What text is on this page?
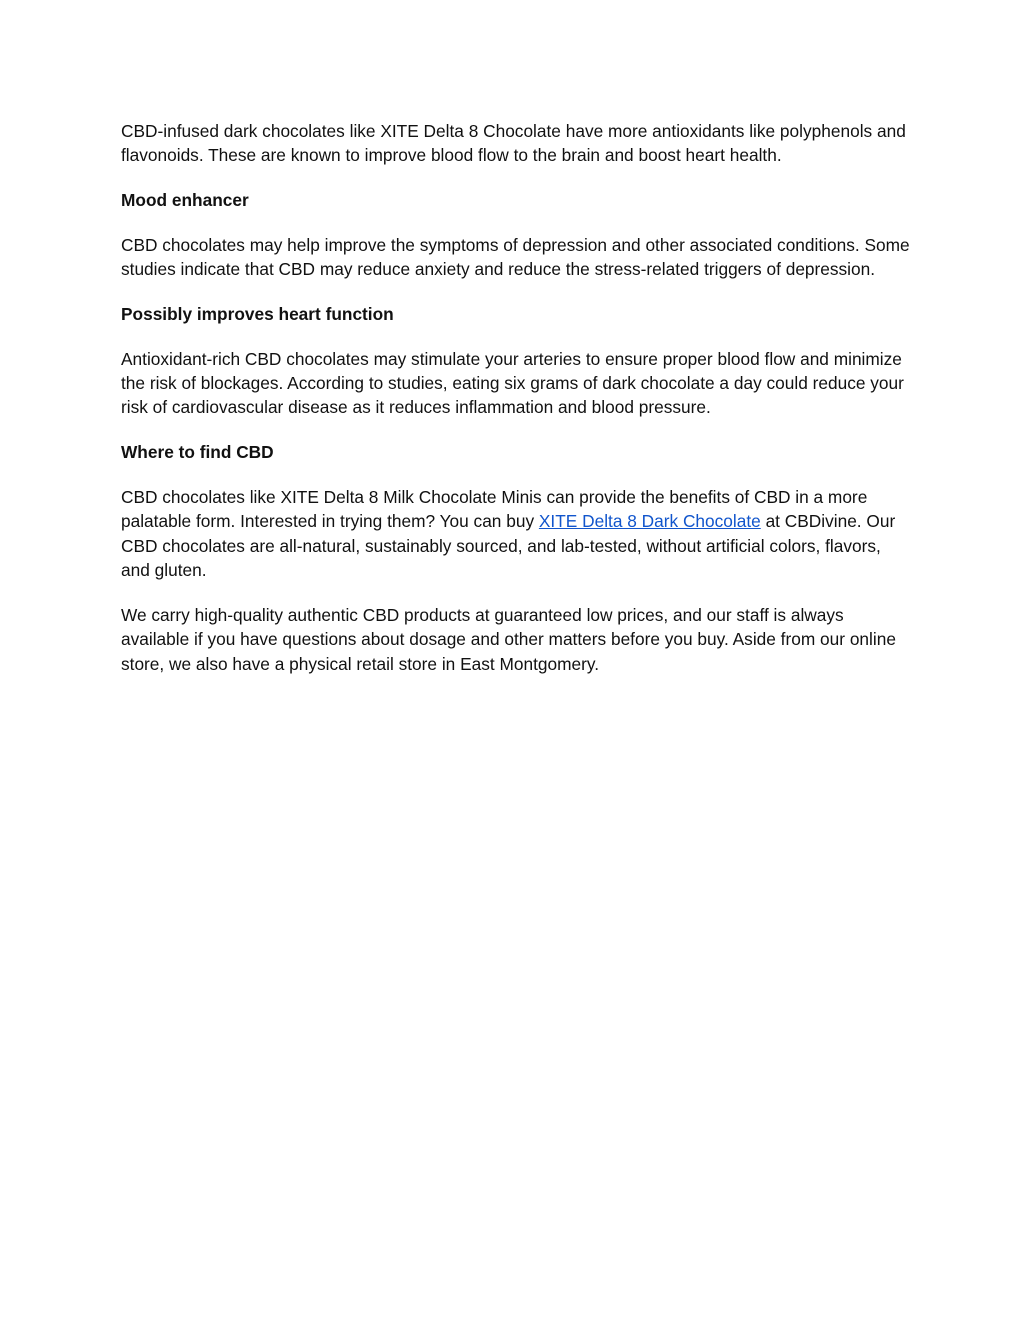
CBD-infused dark chocolates like XITE Delta 8 Chocolate have more antioxidants like polyphenols and flavonoids. These are known to improve blood flow to the brain and boost heart health.

Mood enhancer

CBD chocolates may help improve the symptoms of depression and other associated conditions. Some studies indicate that CBD may reduce anxiety and reduce the stress-related triggers of depression.

Possibly improves heart function

Antioxidant-rich CBD chocolates may stimulate your arteries to ensure proper blood flow and minimize the risk of blockages. According to studies, eating six grams of dark chocolate a day could reduce your risk of cardiovascular disease as it reduces inflammation and blood pressure.

Where to find CBD

CBD chocolates like XITE Delta 8 Milk Chocolate Minis can provide the benefits of CBD in a more palatable form. Interested in trying them? You can buy XITE Delta 8 Dark Chocolate at CBDivine. Our CBD chocolates are all-natural, sustainably sourced, and lab-tested, without artificial colors, flavors, and gluten.

We carry high-quality authentic CBD products at guaranteed low prices, and our staff is always available if you have questions about dosage and other matters before you buy. Aside from our online store, we also have a physical retail store in East Montgomery.
